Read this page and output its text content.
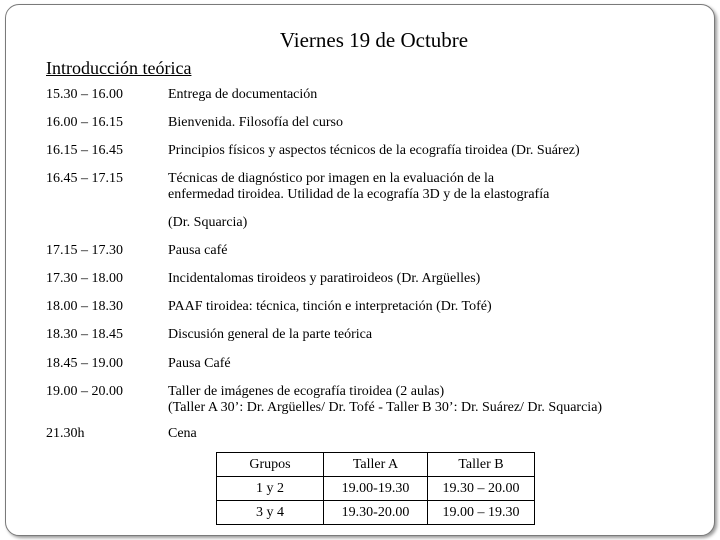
Viernes 19 de Octubre
Introducción teórica
15.30 – 16.00	Entrega de documentación
16.00 – 16.15	Bienvenida. Filosofía del curso
16.15 – 16.45	Principios físicos y aspectos técnicos de la ecografía tiroidea (Dr. Suárez)
16.45 – 17.15	Técnicas de diagnóstico por imagen en la evaluación de la
enfermedad tiroidea. Utilidad de la ecografía 3D y de la elastografía
(Dr. Squarcia)
17.15 – 17.30	Pausa café
17.30 – 18.00	Incidentalomas tiroideos y paratiroideos (Dr. Argüelles)
18.00 – 18.30	PAAF tiroidea: técnica, tinción e interpretación (Dr. Tofé)
18.30 – 18.45	Discusión general de la parte teórica
18.45 – 19.00	Pausa Café
19.00 – 20.00	Taller de imágenes de ecografía tiroidea (2 aulas)
(Taller A 30’: Dr. Argüelles/ Dr. Tofé - Taller B 30’: Dr. Suárez/ Dr. Squarcia)
21.30h	Cena
Grupos	Taller A	Taller B
1 y 2	19.00-19.30	19.30 – 20.00
3 y 4	19.30-20.00	19.00 – 19.30
